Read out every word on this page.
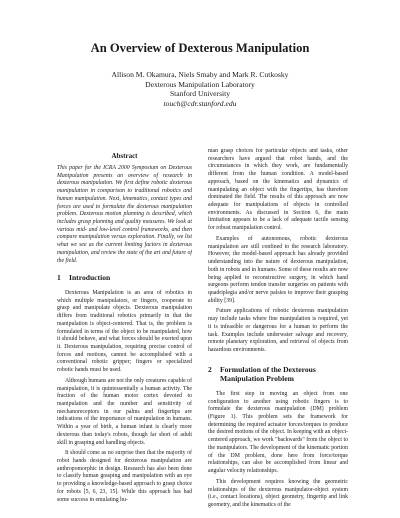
An Overview of Dexterous Manipulation
Allison M. Okamura, Niels Smaby and Mark R. Cutkosky
Dexterous Manipulation Laboratory
Stanford University
touch@cdr.stanford.edu
Abstract

This paper for the ICRA 2000 Symposium on Dexterous Manipulation presents an overview of research in dexterous manipulation. We first define robotic dexterous manipulation in comparison to traditional robotics and human manipulation. Next, kinematics, contact types and forces are used to formulate the dexterous manipulation problem. Dexterous motion planning is described, which includes grasp planning and quality measures. We look at various mid- and low-level control frameworks, and then compare manipulation versus exploration. Finally, we list what we see as the current limiting factors in dexterous manipulation, and review the state of the art and future of the field.

1 Introduction

Dexterous Manipulation is an area of robotics in which multiple manipulators, or fingers, cooperate to grasp and manipulate objects. Dexterous manipulation differs from traditional robotics primarily in that the manipulation is object-centered. That is, the problem is formulated in terms of the object to be manipulated, how it should behave, and what forces should be exerted upon it. Dexterous manipulation, requiring precise control of forces and motions, cannot be accomplished with a conventional robotic gripper; fingers or specialized robotic hands must be used.

Although humans are not the only creatures capable of manipulation, it is quintessentially a human activity. The fraction of the human motor cortex devoted to manipulation and the number and sensitivity of mechanoreceptors in our palms and fingertips are indications of the importance of manipulation in humans. Within a year of birth, a human infant is clearly more dexterous than today's robots, though far short of adult skill in grasping and handling objects.

It should come as no surprise then that the majority of robot hands designed for dexterous manipulation are anthropomorphic in design. Research has also been done to classify human grasping and manipulation with an eye to providing a knowledge-based approach to grasp choice for robots [5, 6, 23, 15]. While this approach has had some success in emulating hu-

man grasp choices for particular objects and tasks, other researchers have argued that robot hands, and the circumstances in which they work, are fundamentally different from the human condition. A model-based approach, based on the kinematics and dynamics of manipulating an object with the fingertips, has therefore dominated the field. The results of this approach are now adequate for manipulations of objects in controlled environments. As discussed in Section 6, the main limitation appears to be a lack of adequate tactile sensing for robust manipulation control.

Examples of autonomous, robotic dexterous manipulation are still confined to the research laboratory. However, the model-based approach has already provided understanding into the nature of dexterous manipulation, both in robots and in humans. Some of these results are now being applied to reconstructive surgery, in which hand surgeons perform tendon transfer surgeries on patients with quadriplegia and/or nerve palsies to improve their grasping ability [39].

Future applications of robotic dexterous manipulation may include tasks where fine manipulation is required, yet it is infeasible or dangerous for a human to perform the task. Examples include underwater salvage and recovery, remote planetary exploration, and retrieval of objects from hazardous environments.

2 Formulation of the Dexterous
Manipulation Problem

The first step in moving an object from one configuration to another using robotic fingers is to formulate the dexterous manipulation (DM) problem (Figure 1). This problem sets the framework for determining the required actuator forces/torques to produce the desired motions of the object. In keeping with an object-centered approach, we work "backwards" from the object to the manipulators. The development of the kinematic portion of the DM problem, done here from force/torque relationships, can also be accomplished from linear and angular velocity relationships.

This development requires knowing the geometric relationships of the dexterous manipulator-object system (i.e., contact locations), object geometry, fingertip and link geometry, and the kinematics of the
